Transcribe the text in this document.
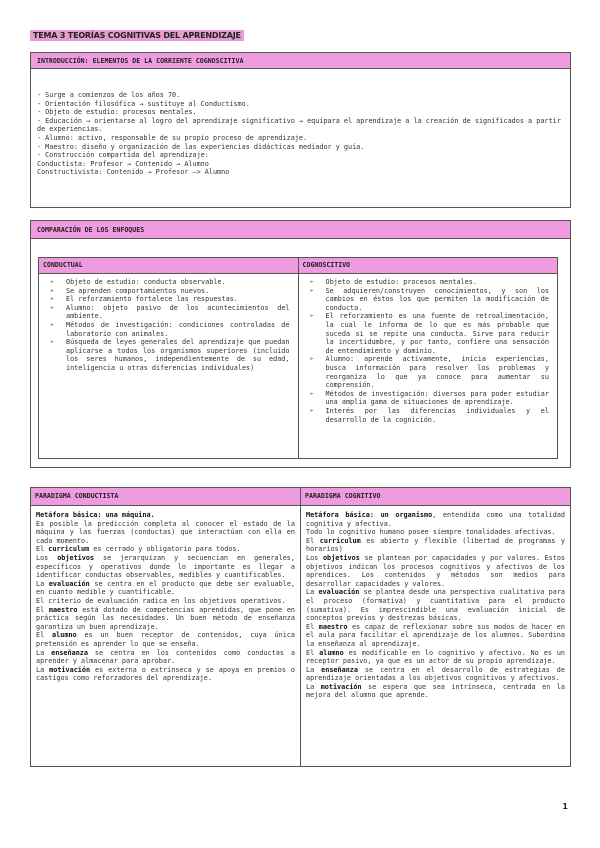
TEMA 3 TEORÍAS COGNITIVAS DEL APRENDIZAJE
INTRODUCCIÓN: ELEMENTOS DE LA CORRIENTE COGNOSCITIVA
- Surge a comienzos de los años 70.
- Orientación filosófica → sustituye al Conductismo.
- Objeto de estudio: procesos mentales.
- Educación → orientarse al logro del aprendizaje significativo → equipara el aprendizaje a la creación de significados a partir de experiencias.
- Alumno: activo, responsable de su propio proceso de aprendizaje.
- Maestro: diseño y organización de las experiencias didácticas mediador y guía.
- Construcción compartida del aprendizaje:
Conductista: Profesor → Contenido → Alumno
Constructivista: Contenido → Profesor –> Alumno
COMPARACIÓN DE LOS ENFOQUES
CONDUCTUAL
➢ Objeto de estudio: conducta observable.
➢ Se aprenden comportamientos nuevos.
➢ El reforzamiento fortalece las respuestas.
➢ Alumno: objeto pasivo de los acontecimientos del ambiente.
➢ Métodos de investigación: condiciones controladas de laboratorio con animales.
➢ Búsqueda de leyes generales del aprendizaje que puedan aplicarse a todos los organismos superiores (incluido los seres humanos, independientemente de su edad, inteligencia u otras diferencias individuales)
COGNOSCITIVO
➢ Objeto de estudio: procesos mentales.
➢ Se adquieren/construyen conocimientos, y son los cambios en éstos los que permiten la modificación de conducta.
➢ El reforzamiento es una fuente de retroalimentación, la cual le informa de lo que es más probable que suceda si se repite una conducta. Sirve para reducir la incertidumbre, y por tanto, confiere una sensación de entendimiento y dominio.
➢ Alumno: aprende activamente, inicia experiencias, busca información para resolver los problemas y reorganiza lo que ya conoce para aumentar su comprensión.
➢ Métodos de investigación: diversos para poder estudiar una amplia gama de situaciones de aprendizaje.
➢ Interés por las diferencias individuales y el desarrollo de la cognición.
PARADIGMA CONDUCTISTA

Metáfora básica: una máquina.

Es posible la predicción completa al conocer el estado de la máquina y las fuerzas (conductas) que interactúan con ella en cada momento.

El curriculum es cerrado y obligatorio para todos.

Los objetivos se jerarquizan y secuencian en generales, específicos y operativos donde lo importante es llegar a identificar conductas observables, medibles y cuantificables.

La evaluación se centra en el producto que debe ser evaluable, en cuanto medible y cuantificable.

El criterio de evaluación radica en los objetivos operativos.

El maestro está dotado de competencias aprendidas, que pone en práctica según las necesidades. Un buen método de enseñanza garantiza un buen aprendizaje.

El alumno es un buen receptor de contenidos, cuya única pretensión es aprender lo que se enseña.

La enseñanza se centra en los contenidos como conductas a aprender y almacenar para aprobar.

La motivación es externa o extrínseca y se apoya en premios o castigos como reforzadores del aprendizaje.

PARADIGMA COGNITIVO

Metáfora básica: un organismo, entendida como una totalidad cognitiva y afectiva.

Todo lo cognitivo humano posee siempre tonalidades afectivas.

El curriculum es abierto y flexible (libertad de programas y horarios)

Los objetivos se plantean por capacidades y por valores. Estos objetivos indican los procesos cognitivos y afectivos de los aprendices. Los contenidos y métodos son medios para desarrollar capacidades y valores.

La evaluación se plantea desde una perspectiva cualitativa para el proceso (formativa) y cuantitativa para el producto (sumativa). Es imprescindible una evaluación inicial de conceptos previos y destrezas básicas.

El maestro es capaz de reflexionar sobre sus modos de hacer en el aula para facilitar el aprendizaje de los alumnos. Subordina la enseñanza al aprendizaje.

El alumno es modificable en lo cognitivo y afectivo. No es un receptor pasivo, ya que es un actor de su propio aprendizaje.

La enseñanza se centra en el desarrollo de estrategias de aprendizaje orientadas a los objetivos cognitivos y afectivos.

La motivación se espera que sea intrínseca, centrada en la mejora del alumno que aprende.

1
